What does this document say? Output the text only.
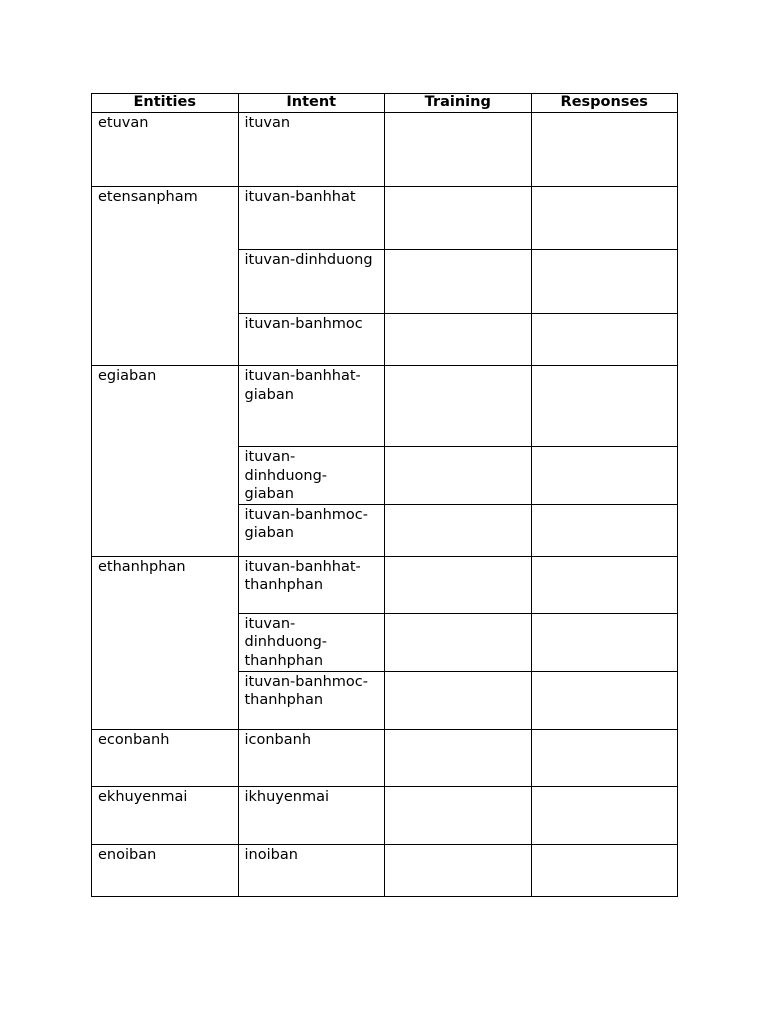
Entities	Intent	Training	Responses
etuvan	ituvan		
etensanpham	ituvan-banhhat		
	ituvan-dinhduong		
	ituvan-banhmoc		
egiaban	ituvan-banhhat-
giaban		
	ituvan-
dinhduong-
giaban		
	ituvan-banhmoc-
giaban		
ethanhphan	ituvan-banhhat-
thanhphan		
	ituvan-
dinhduong-
thanhphan		
	ituvan-banhmoc-
thanhphan		
econbanh	iconbanh		
ekhuyenmai	ikhuyenmai		
enoiban	inoiban		
